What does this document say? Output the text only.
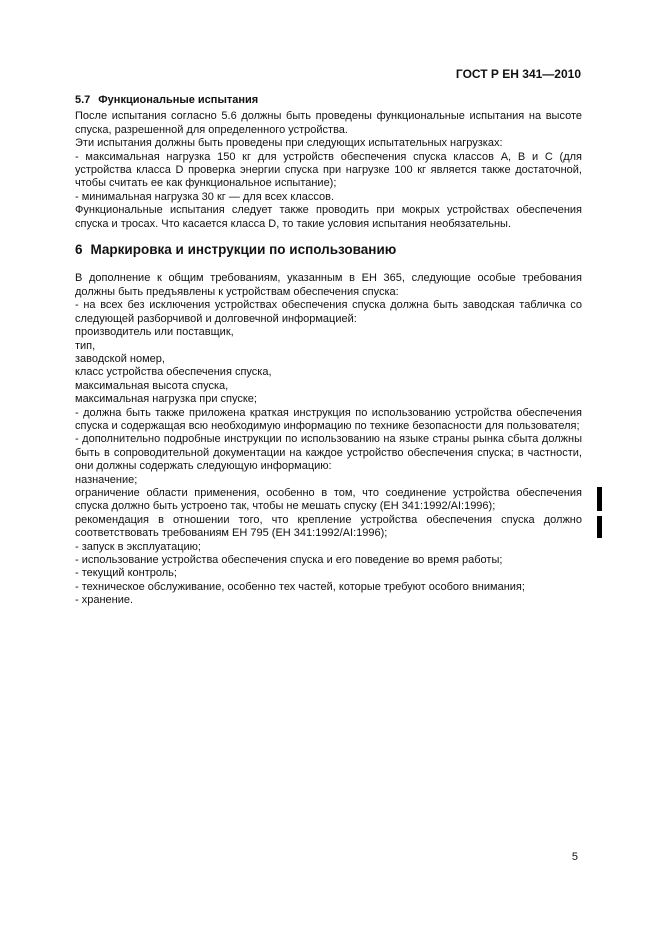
ГОСТ Р ЕН 341—2010
5.7 Функциональные испытания

После испытания согласно 5.6 должны быть проведены функциональные испытания на высоте спуска, разрешенной для определенного устройства.

Эти испытания должны быть проведены при следующих испытательных нагрузках:

- максимальная нагрузка 150 кг для устройств обеспечения спуска классов А, В и С (для устройства класса D проверка энергии спуска при нагрузке 100 кг является также достаточной, чтобы считать ее как функциональное испытание);

- минимальная нагрузка 30 кг — для всех классов.

Функциональные испытания следует также проводить при мокрых устройствах обеспечения спуска и тросах. Что касается класса D, то такие условия испытания необязательны.

6 Маркировка и инструкции по использованию

В дополнение к общим требованиям, указанным в ЕН 365, следующие особые требования должны быть предъявлены к устройствам обеспечения спуска:

- на всех без исключения устройствах обеспечения спуска должна быть заводская табличка со следующей разборчивой и долговечной информацией:

производитель или поставщик,

тип,

заводской номер,

класс устройства обеспечения спуска,

максимальная высота спуска,

максимальная нагрузка при спуске;

- должна быть также приложена краткая инструкция по использованию устройства обеспечения спуска и содержащая всю необходимую информацию по технике безопасности для пользователя;

- дополнительно подробные инструкции по использованию на языке страны рынка сбыта должны быть в сопроводительной документации на каждое устройство обеспечения спуска; в частности, они должны содержать следующую информацию:

назначение;

ограничение области применения, особенно в том, что соединение устройства обеспечения спуска должно быть устроено так, чтобы не мешать спуску (ЕН 341:1992/AI:1996);

рекомендация в отношении того, что крепление устройства обеспечения спуска должно соответствовать требованиям ЕН 795 (ЕН 341:1992/AI:1996);

- запуск в эксплуатацию;

- использование устройства обеспечения спуска и его поведение во время работы;

- текущий контроль;

- техническое обслуживание, особенно тех частей, которые требуют особого внимания;

- хранение.

5
